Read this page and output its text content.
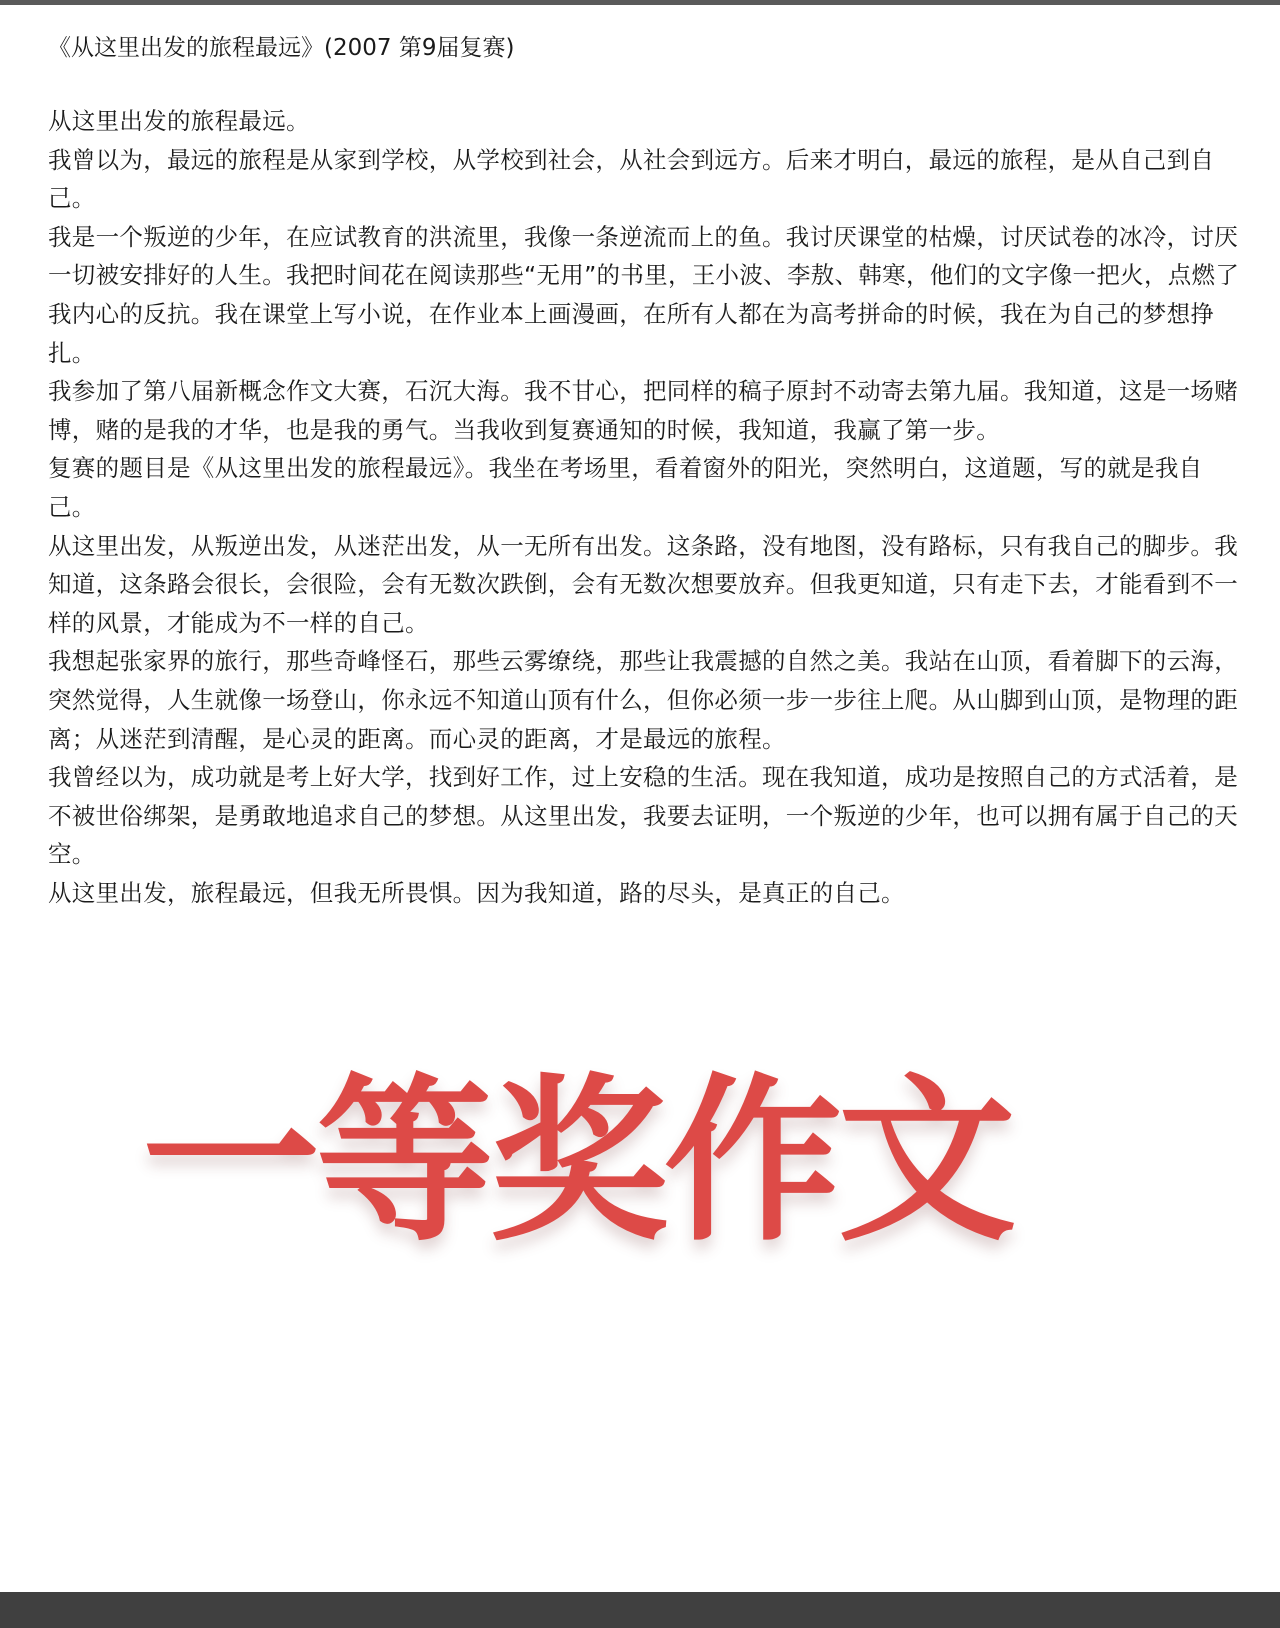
《从这里出发的旅程最远》(2007 第9届复赛)

从这里出发的旅程最远。

我曾以为，最远的旅程是从家到学校，从学校到社会，从社会到远方。后来才明白，最远的旅程，是从自己到自己。

我是一个叛逆的少年，在应试教育的洪流里，我像一条逆流而上的鱼。我讨厌课堂的枯燥，讨厌试卷的冰冷，讨厌一切被安排好的人生。我把时间花在阅读那些“无用”的书里，王小波、李敖、韩寒，他们的文字像一把火，点燃了我内心的反抗。我在课堂上写小说，在作业本上画漫画，在所有人都在为高考拼命的时候，我在为自己的梦想挣扎。

我参加了第八届新概念作文大赛，石沉大海。我不甘心，把同样的稿子原封不动寄去第九届。我知道，这是一场赌博，赌的是我的才华，也是我的勇气。当我收到复赛通知的时候，我知道，我赢了第一步。

复赛的题目是《从这里出发的旅程最远》。我坐在考场里，看着窗外的阳光，突然明白，这道题，写的就是我自己。

从这里出发，从叛逆出发，从迷茫出发，从一无所有出发。这条路，没有地图，没有路标，只有我自己的脚步。我知道，这条路会很长，会很险，会有无数次跌倒，会有无数次想要放弃。但我更知道，只有走下去，才能看到不一样的风景，才能成为不一样的自己。

我想起张家界的旅行，那些奇峰怪石，那些云雾缭绕，那些让我震撼的自然之美。我站在山顶，看着脚下的云海，突然觉得，人生就像一场登山，你永远不知道山顶有什么，但你必须一步一步往上爬。从山脚到山顶，是物理的距离；从迷茫到清醒，是心灵的距离。而心灵的距离，才是最远的旅程。

我曾经以为，成功就是考上好大学，找到好工作，过上安稳的生活。现在我知道，成功是按照自己的方式活着，是不被世俗绑架，是勇敢地追求自己的梦想。从这里出发，我要去证明，一个叛逆的少年，也可以拥有属于自己的天空。

从这里出发，旅程最远，但我无所畏惧。因为我知道，路的尽头，是真正的自己。

一等奖作文
